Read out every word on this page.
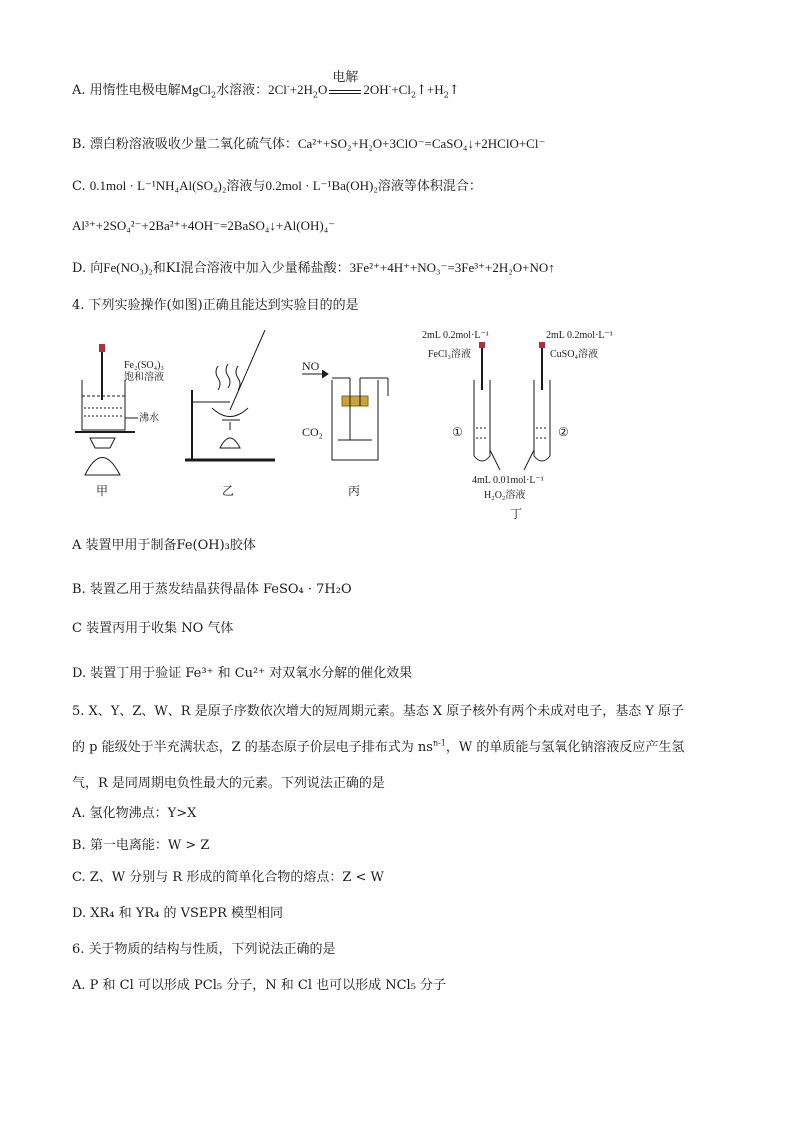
A. 用惰性电极电解MgCl$_2$水溶液：$2Cl^-+2H_2O$
电解
$2OH^-+Cl_2↑+H_2↑$
B. 漂白粉溶液吸收少量二氧化硫气体：Ca²⁺+SO₂+H₂O+3ClO⁻=CaSO₄↓+2HClO+Cl⁻
C. 0.1mol · L⁻¹NH₄Al(SO₄)₂溶液与0.2mol · L⁻¹Ba(OH)₂溶液等体积混合：
Al³⁺+2SO₄²⁻+2Ba²⁺+4OH⁻=2BaSO₄↓+Al(OH)₄⁻
D. 向Fe(NO₃)₂和KI混合溶液中加入少量稀盐酸：3Fe²⁺+4H⁺+NO₃⁻=3Fe³⁺+2H₂O+NO↑
4. 下列实验操作(如图)正确且能达到实验目的的是
Fe₂(SO₄)₃
饱和溶液
沸水
甲	乙
NO
CO₂
丙
2mL 0.2mol·L⁻¹
FeCl₃溶液
2mL 0.2mol·L⁻¹
CuSO₄溶液
①	②
4mL 0.01mol·L⁻¹
H₂O₂溶液
丁
A 装置甲用于制备Fe(OH)₃胶体
B. 装置乙用于蒸发结晶获得晶体 FeSO₄ · 7H₂O
C 装置丙用于收集 NO 气体
D. 装置丁用于验证 Fe³⁺ 和 Cu²⁺ 对双氧水分解的催化效果
5. X、Y、Z、W、R 是原子序数依次增大的短周期元素。基态 X 原子核外有两个未成对电子，基态 Y 原子
的 p 能级处于半充满状态，Z 的基态原子价层电子排布式为 $ns^{n-1}$，W 的单质能与氢氧化钠溶液反应产生氢
气，R 是同周期电负性最大的元素。下列说法正确的是
A. 氢化物沸点：Y>X
B. 第一电离能：W > Z
C. Z、W 分别与 R 形成的简单化合物的熔点：Z < W
D. XR₄ 和 YR₄ 的 VSEPR 模型相同
6. 关于物质的结构与性质，下列说法正确的是
A. P 和 Cl 可以形成 PCl₅ 分子，N 和 Cl 也可以形成 NCl₅ 分子
